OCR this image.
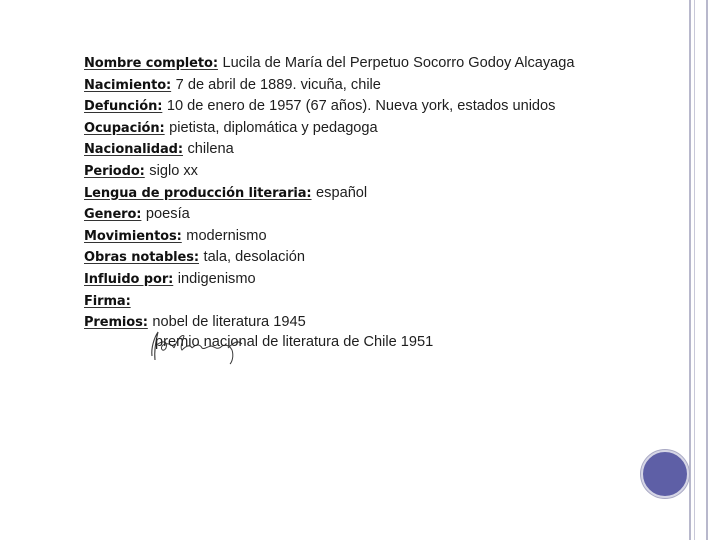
Nombre completo: Lucila de María del Perpetuo Socorro Godoy Alcayaga
Nacimiento: 7 de abril de 1889. vicuña, chile
Defunción: 10 de enero de 1957 (67 años). Nueva york, estados unidos
Ocupación: pietista, diplomática y pedagoga
Nacionalidad: chilena
Periodo: siglo xx
Lengua de producción literaria: español
Genero: poesía
Movimientos: modernismo
Obras notables: tala, desolación
Influido por: indigenismo
Firma:
Premios: nobel de literatura 1945
premio nacional de literatura de Chile 1951
